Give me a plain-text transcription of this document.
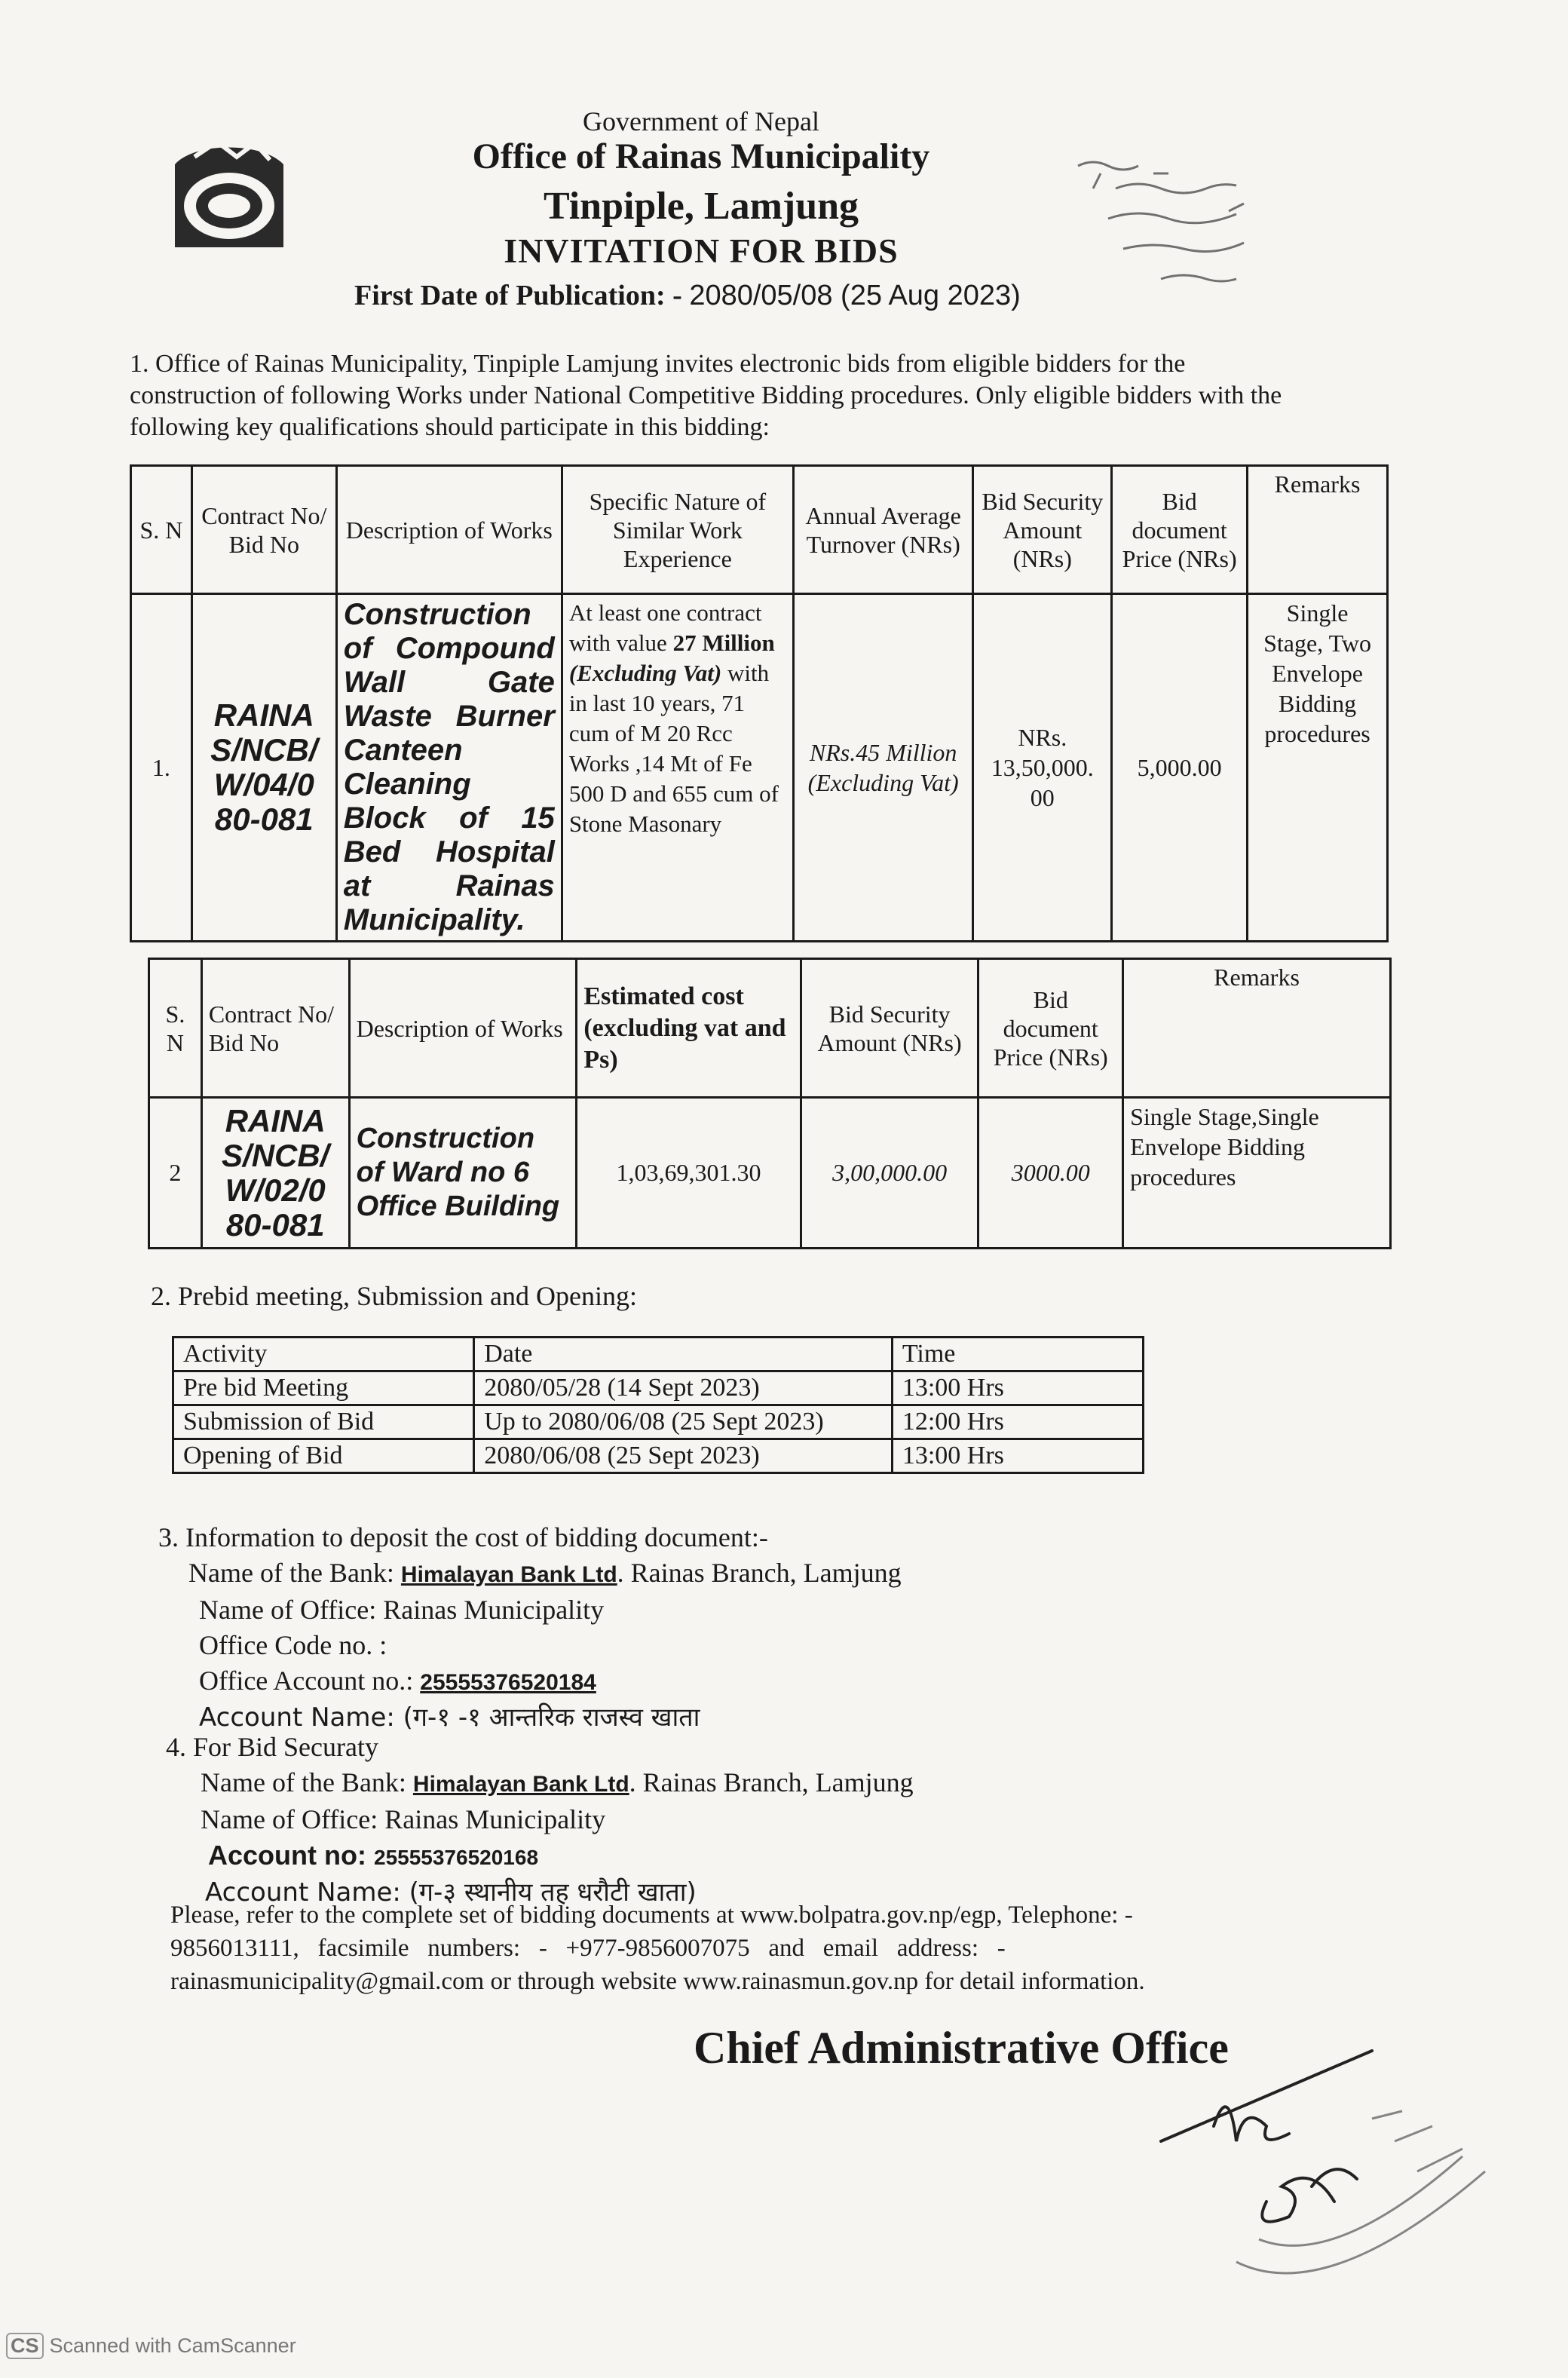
Government of Nepal
Office of Rainas Municipality
Tinpiple, Lamjung
INVITATION FOR BIDS
First Date of Publication: - 2080/05/08 (25 Aug 2023)
1. Office of Rainas Municipality, Tinpiple Lamjung invites electronic bids from eligible bidders for the construction of following Works under National Competitive Bidding procedures. Only eligible bidders with the following key qualifications should participate in this bidding:
S. N	Contract No/ Bid No	Description of Works	Specific Nature of Similar Work Experience	Annual Average Turnover (NRs)	Bid Security Amount (NRs)	Bid document Price (NRs)	Remarks
1.	RAINA S/NCB/ W/04/0 80-081	Construction of Compound Wall Gate Waste Burner Canteen Cleaning Block of 15 Bed Hospital at Rainas Municipality.	At least one contract with value 27 Million (Excluding Vat) with in last 10 years, 71 cum of M 20 Rcc Works ,14 Mt of Fe 500 D and 655 cum of Stone Masonary	NRs.45 Million (Excluding Vat)	NRs. 13,50,000. 00	5,000.00	Single Stage, Two Envelope Bidding procedures
S. N	Contract No/ Bid No	Description of Works	Estimated cost (excluding vat and Ps)	Bid Security Amount (NRs)	Bid document Price (NRs)	Remarks
2	RAINA S/NCB/ W/02/0 80-081	Construction of Ward no 6 Office Building	1,03,69,301.30	3,00,000.00	3000.00	Single Stage,Single Envelope Bidding procedures
2. Prebid meeting, Submission and Opening:
Activity	Date	Time
Pre bid Meeting	2080/05/28 (14 Sept 2023)	13:00 Hrs
Submission of Bid	Up to 2080/06/08 (25 Sept 2023)	12:00 Hrs
Opening of Bid	2080/06/08 (25 Sept 2023)	13:00 Hrs
3. Information to deposit the cost of bidding document:-
Name of the Bank: Himalayan Bank Ltd. Rainas Branch, Lamjung
Name of Office: Rainas Municipality
Office Code no. :
Office Account no.: 25555376520184
Account Name: (ग-१ -१ आन्तरिक राजस्व खाता
4. For Bid Securaty
Name of the Bank: Himalayan Bank Ltd. Rainas Branch, Lamjung
Name of Office: Rainas Municipality
Account no: 25555376520168
Account Name: (ग-३ स्थानीय तह धरौटी खाता)
Please, refer to the complete set of bidding documents at www.bolpatra.gov.np/egp, Telephone: -
9856013111,   facsimile   numbers:   -   +977-9856007075   and   email   address:   -
rainasmunicipality@gmail.com or through website www.rainasmun.gov.np for detail information.
Chief Administrative Office
CS Scanned with CamScanner
